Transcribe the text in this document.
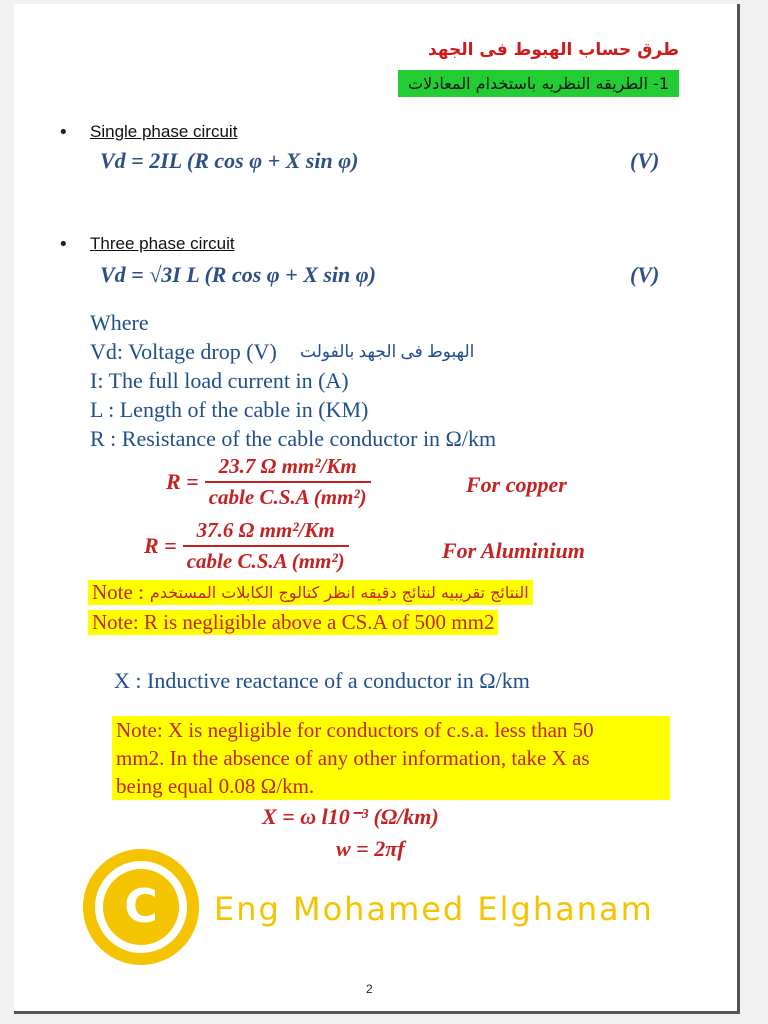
طرق حساب الهبوط فى الجهد
1- الطريقه النظريه باستخدام المعادلات
• Single phase circuit
Vd = 2IL (R cos φ + X sin φ)	(V)
• Three phase circuit
Vd = √3I L (R cos φ + X sin φ)	(V)
Where
Vd: Voltage drop (V) الهبوط فى الجهد بالفولت
I: The full load current in (A)
L : Length of the cable in (KM)
R : Resistance of the cable conductor in Ω/km
$R = \frac{\text{23.7 Ω mm²/Km}}{\text{cable C.S.A (mm²)}}$	For copper
$R = \frac{\text{37.6 Ω mm²/Km}}{\text{cable C.S.A (mm²)}}$	For Aluminium
Note : النتائج تقريبيه لنتائج دقيقه انظر كتالوج الكابلات المستخدم
Note: R is negligible above a CS.A of 500 mm2
X : Inductive reactance of a conductor in Ω/km
Note: X is negligible for conductors of c.s.a. less than 50
mm2. In the absence of any other information, take X as
being equal 0.08 Ω/km.
X = ω l10⁻³ (Ω/km)
w = 2πf
C Eng Mohamed Elghanam
2
